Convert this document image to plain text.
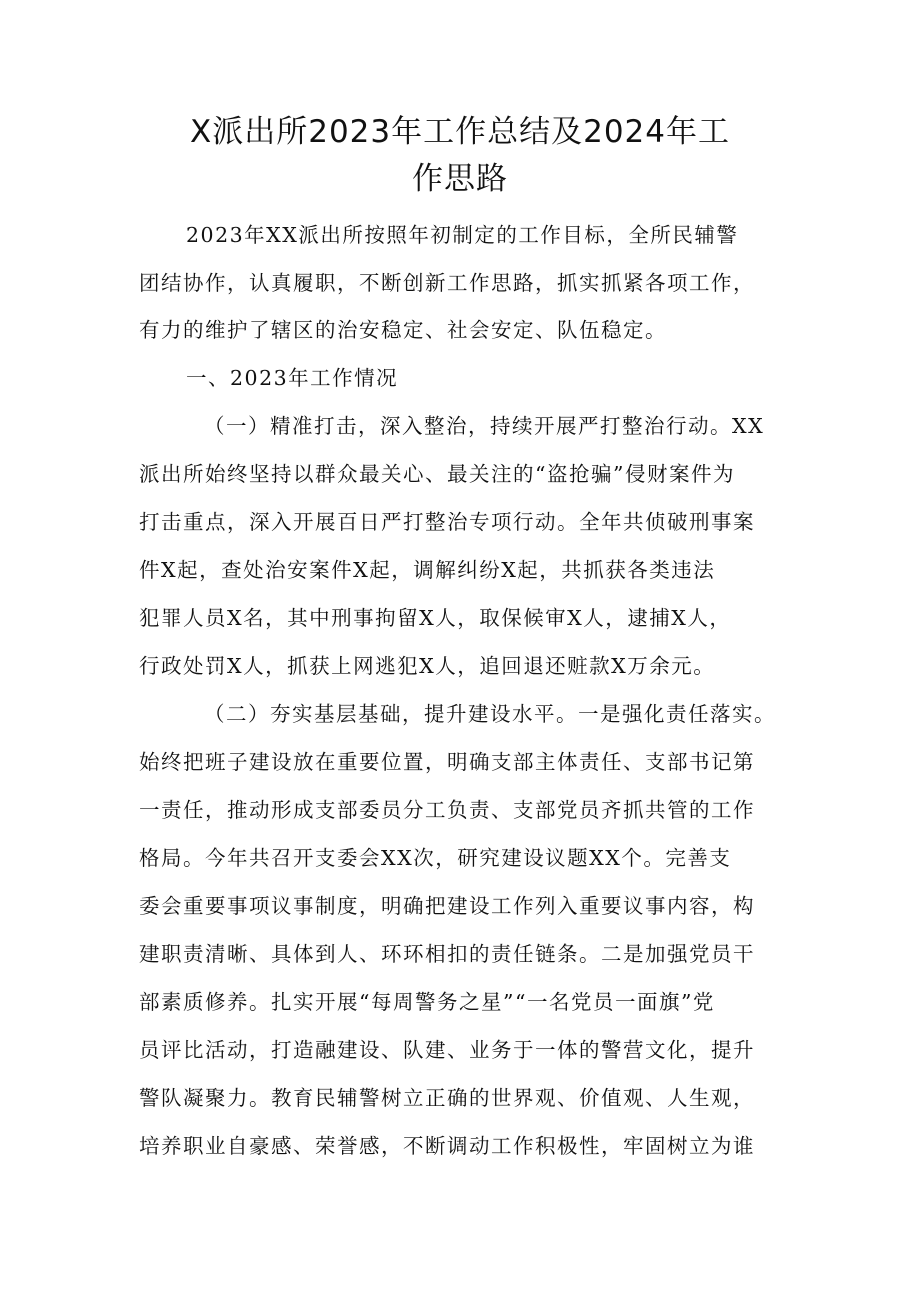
X派出所2023年工作总结及2024年工
作思路
2023年XX派出所按照年初制定的工作目标，全所民辅警
团结协作，认真履职，不断创新工作思路，抓实抓紧各项工作，
有力的维护了辖区的治安稳定、社会安定、队伍稳定。
一、2023年工作情况
（一）精准打击，深入整治，持续开展严打整治行动。XX
派出所始终坚持以群众最关心、最关注的“盗抢骗”侵财案件为
打击重点，深入开展百日严打整治专项行动。全年共侦破刑事案
件X起，查处治安案件X起，调解纠纷X起，共抓获各类违法
犯罪人员X名，其中刑事拘留X人，取保候审X人，逮捕X人，
行政处罚X人，抓获上网逃犯X人，追回退还赃款X万余元。
（二）夯实基层基础，提升建设水平。一是强化责任落实。
始终把班子建设放在重要位置，明确支部主体责任、支部书记第
一责任，推动形成支部委员分工负责、支部党员齐抓共管的工作
格局。今年共召开支委会XX次，研究建设议题XX个。完善支
委会重要事项议事制度，明确把建设工作列入重要议事内容，构
建职责清晰、具体到人、环环相扣的责任链条。二是加强党员干
部素质修养。扎实开展“每周警务之星”“一名党员一面旗”党
员评比活动，打造融建设、队建、业务于一体的警营文化，提升
警队凝聚力。教育民辅警树立正确的世界观、价值观、人生观，
培养职业自豪感、荣誉感，不断调动工作积极性，牢固树立为谁
